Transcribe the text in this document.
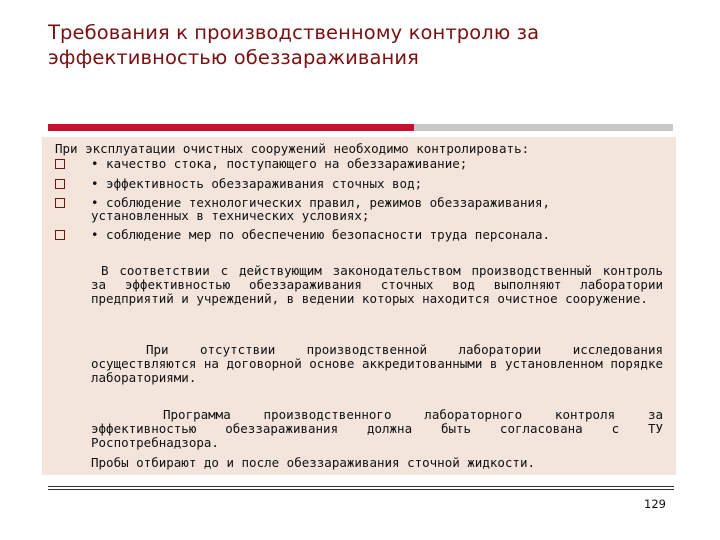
Требования к производственному контролю за
эффективностью обеззараживания
При эксплуатации очистных сооружений необходимо контролировать:
• качество стока, поступающего на обеззараживание;
• эффективность обеззараживания сточных вод;
• соблюдение технологических правил, режимов обеззараживания,
установленных в технических условиях;
• соблюдение мер по обеспечению безопасности труда персонала.
В соответствии с действующим законодательством производственный контроль за эффективностью обеззараживания сточных вод выполняют лаборатории предприятий и учреждений, в ведении которых находится очистное сооружение.
При отсутствии производственной лаборатории исследования осуществляются на договорной основе аккредитованными в установленном порядке лабораториями.
Программа производственного лабораторного контроля за эффективностью обеззараживания должна быть согласована с ТУ Роспотребнадзора.
Пробы отбирают до и после обеззараживания сточной жидкости.
129
